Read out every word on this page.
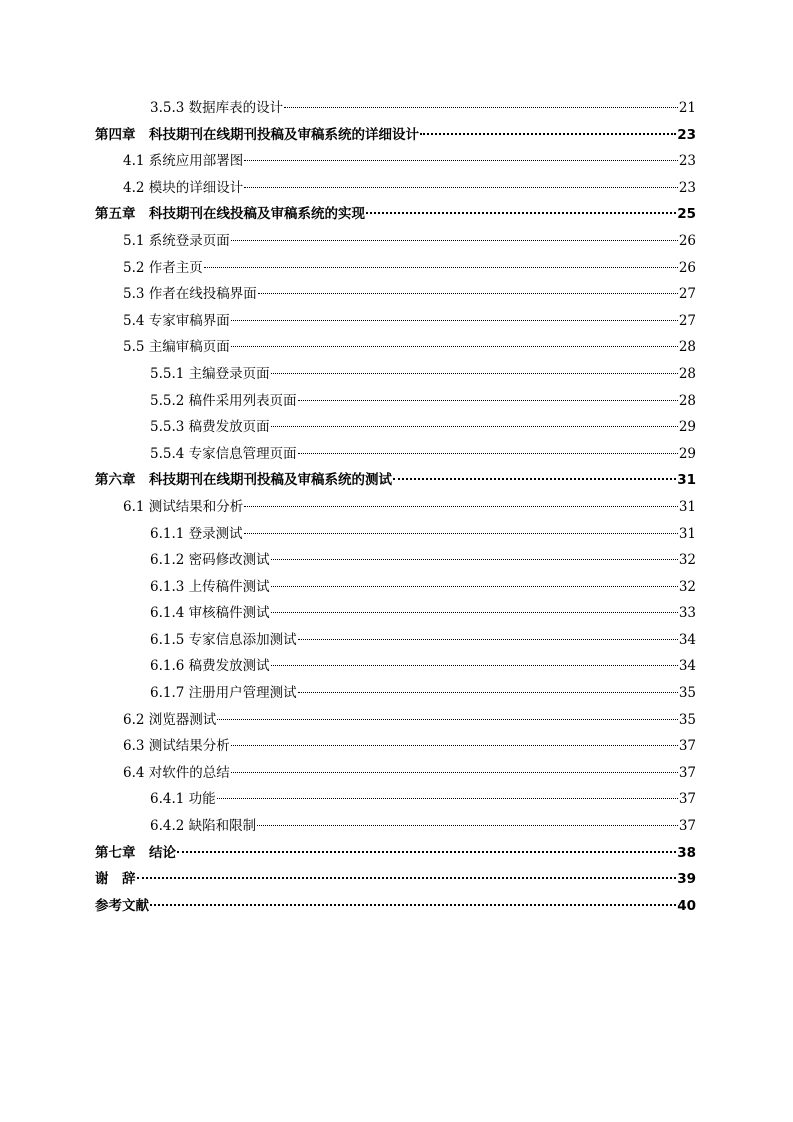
3.5.3 数据库表的设计	21
第四章　科技期刊在线期刊投稿及审稿系统的详细设计	23
4.1 系统应用部署图	23
4.2 模块的详细设计	23
第五章　科技期刊在线投稿及审稿系统的实现	25
5.1 系统登录页面	26
5.2 作者主页	26
5.3 作者在线投稿界面	27
5.4 专家审稿界面	27
5.5 主编审稿页面	28
5.5.1 主编登录页面	28
5.5.2 稿件采用列表页面	28
5.5.3 稿费发放页面	29
5.5.4 专家信息管理页面	29
第六章　科技期刊在线期刊投稿及审稿系统的测试	31
6.1 测试结果和分析	31
6.1.1 登录测试	31
6.1.2 密码修改测试	32
6.1.3 上传稿件测试	32
6.1.4 审核稿件测试	33
6.1.5 专家信息添加测试	34
6.1.6 稿费发放测试	34
6.1.7 注册用户管理测试	35
6.2 浏览器测试	35
6.3 测试结果分析	37
6.4 对软件的总结	37
6.4.1 功能	37
6.4.2 缺陷和限制	37
第七章　结论	38
谢　辞	39
参考文献	40
